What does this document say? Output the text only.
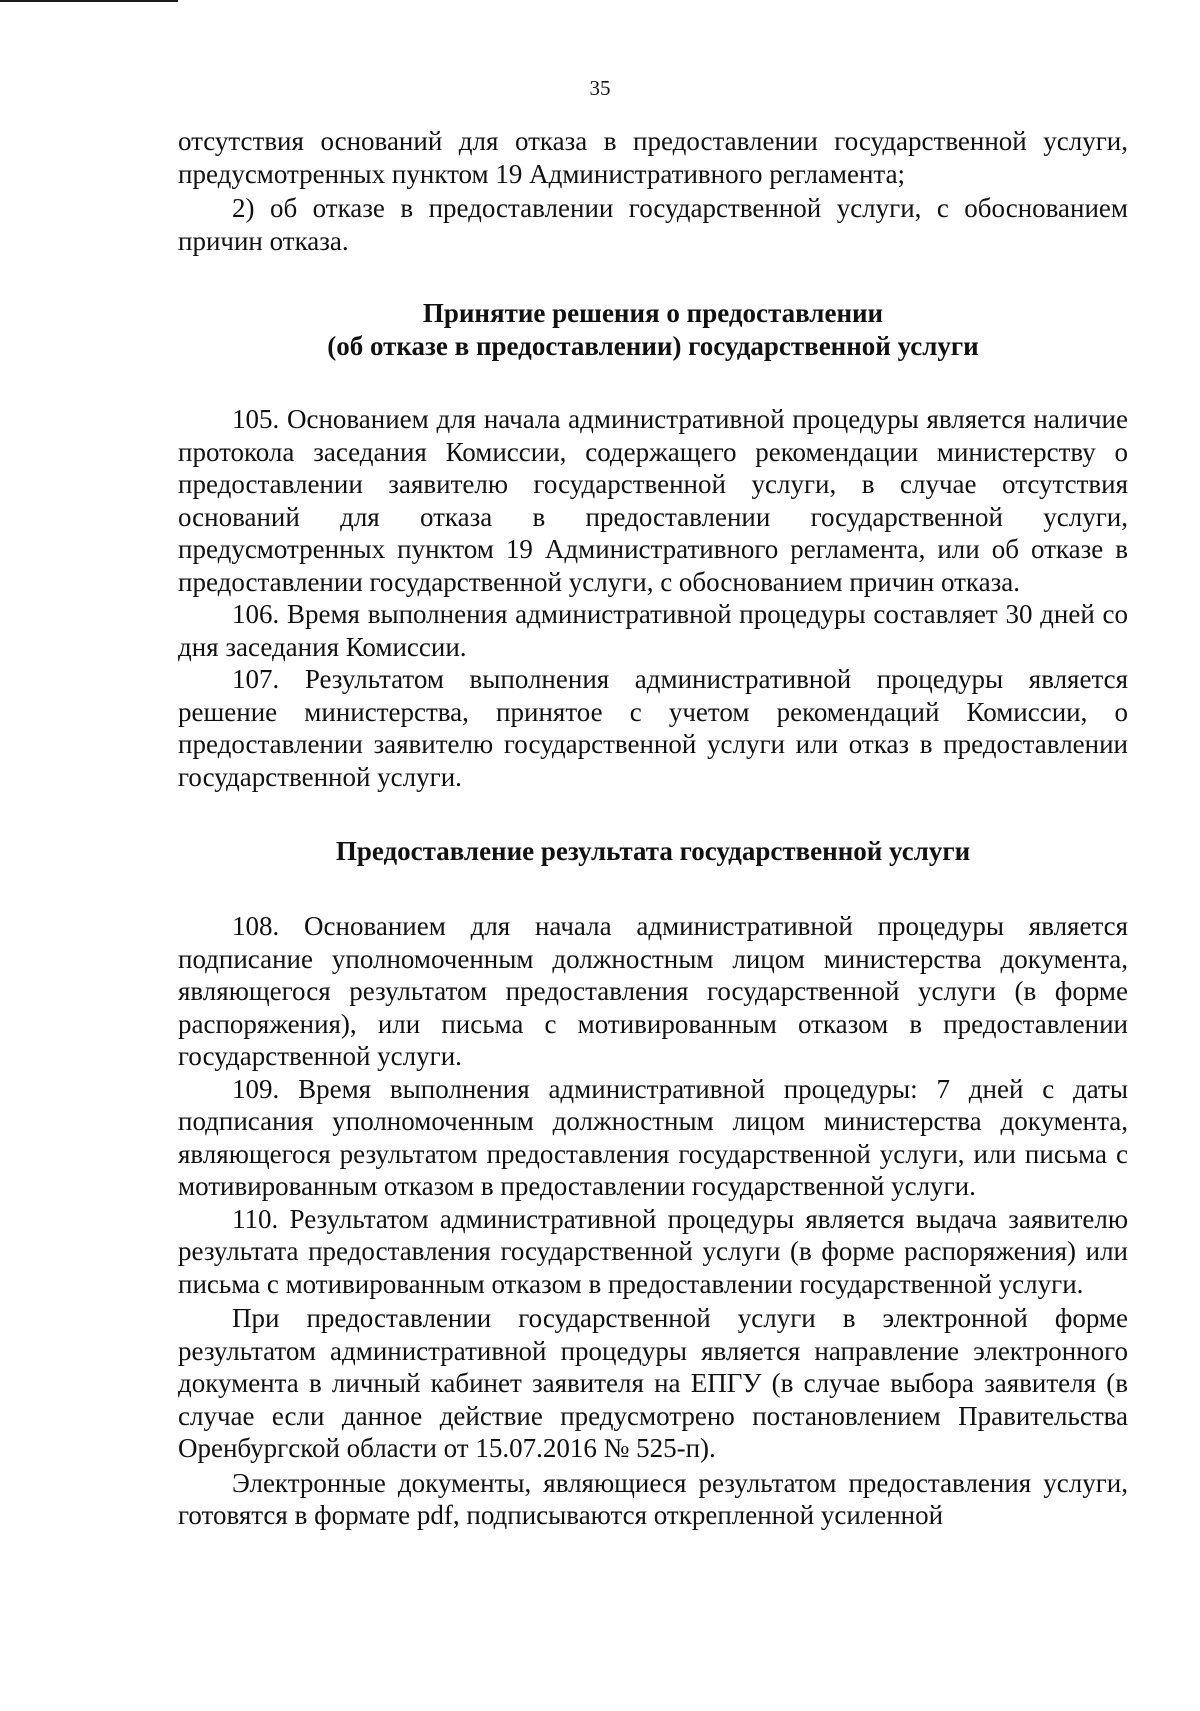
35

отсутствия оснований для отказа в предоставлении государственной услуги, предусмотренных пунктом 19 Административного регламента;

2) об отказе в предоставлении государственной услуги, с обоснованием причин отказа.

Принятие решения о предоставлении
(об отказе в предоставлении) государственной услуги

105. Основанием для начала административной процедуры является наличие протокола заседания Комиссии, содержащего рекомендации министерству о предоставлении заявителю государственной услуги, в случае отсутствия оснований для отказа в предоставлении государственной услуги, предусмотренных пунктом 19 Административного регламента, или об отказе в предоставлении государственной услуги, с обоснованием причин отказа.

106. Время выполнения административной процедуры составляет 30 дней со дня заседания Комиссии.

107. Результатом выполнения административной процедуры является решение министерства, принятое с учетом рекомендаций Комиссии, о предоставлении заявителю государственной услуги или отказ в предоставлении государственной услуги.

Предоставление результата государственной услуги

108. Основанием для начала административной процедуры является подписание уполномоченным должностным лицом министерства документа, являющегося результатом предоставления государственной услуги (в форме распоряжения), или письма с мотивированным отказом в предоставлении государственной услуги.

109. Время выполнения административной процедуры: 7 дней с даты подписания уполномоченным должностным лицом министерства документа, являющегося результатом предоставления государственной услуги, или письма с мотивированным отказом в предоставлении государственной услуги.

110. Результатом административной процедуры является выдача заявителю результата предоставления государственной услуги (в форме распоряжения) или письма с мотивированным отказом в предоставлении государственной услуги.

При предоставлении государственной услуги в электронной форме результатом административной процедуры является направление электронного документа в личный кабинет заявителя на ЕПГУ (в случае выбора заявителя (в случае если данное действие предусмотрено постановлением Правительства Оренбургской области от 15.07.2016 № 525-п).

Электронные документы, являющиеся результатом предоставления услуги, готовятся в формате pdf, подписываются открепленной усиленной
